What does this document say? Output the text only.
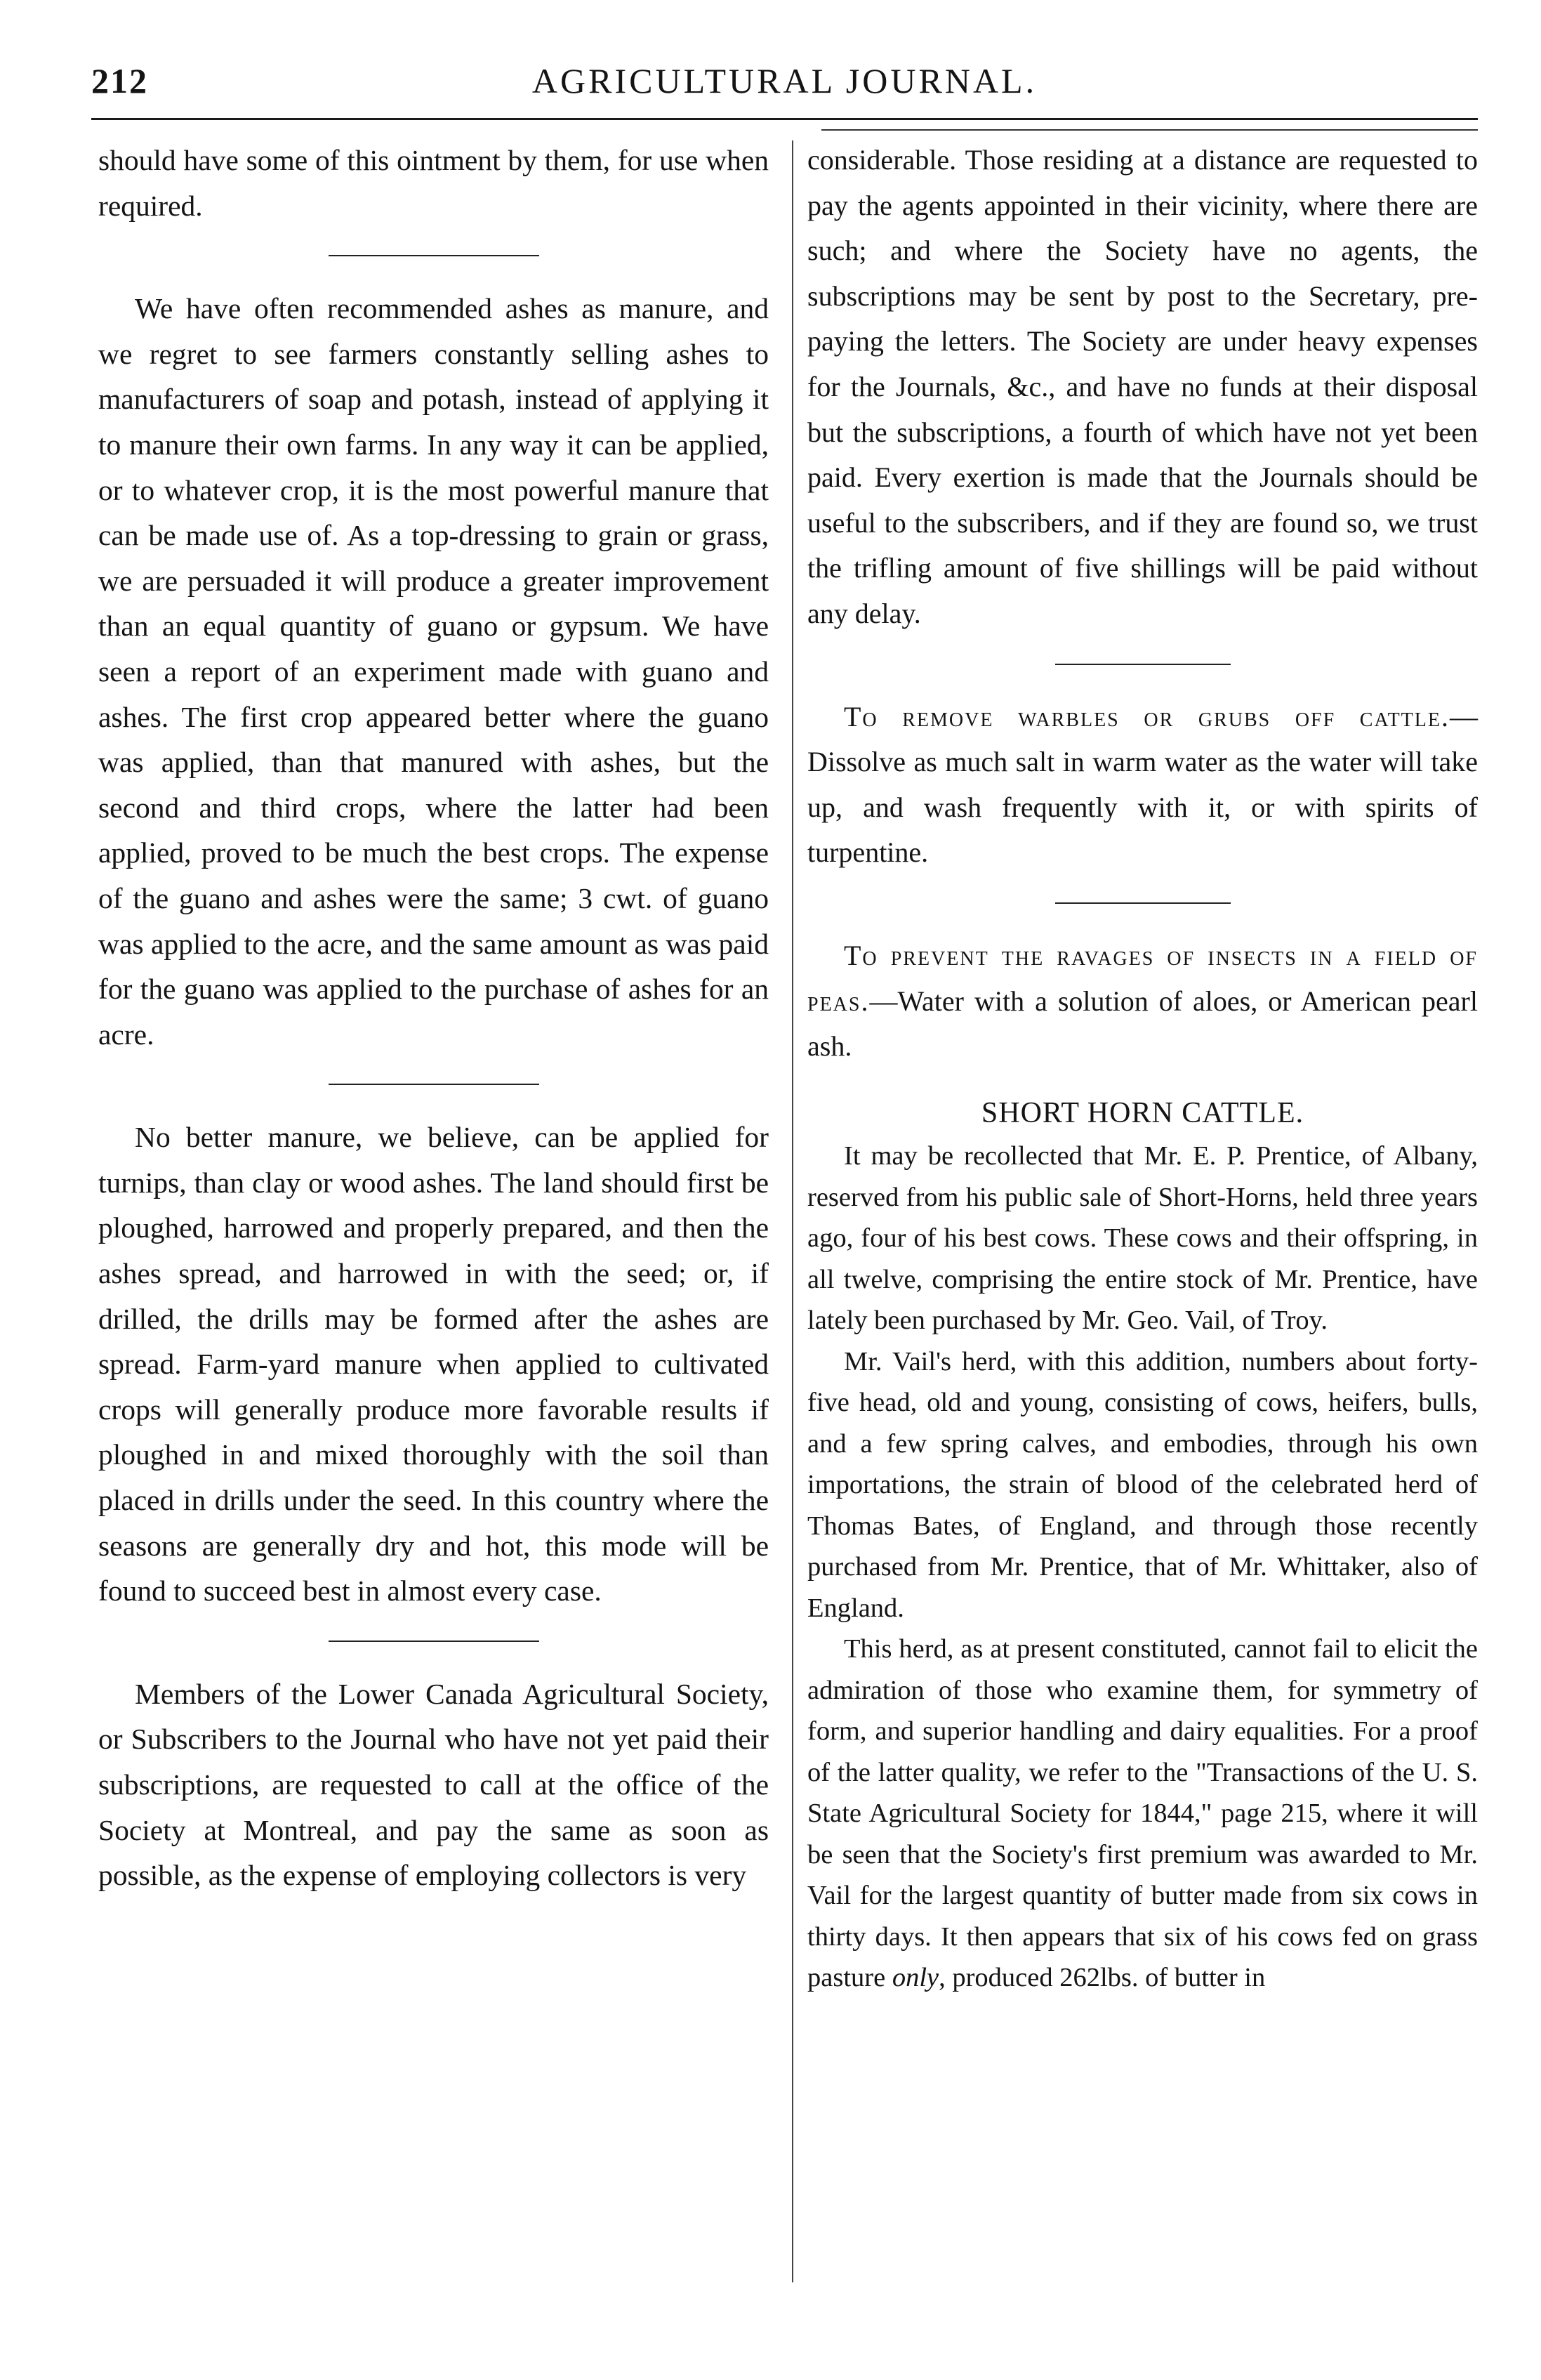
212	AGRICULTURAL JOURNAL.

should have some of this ointment by them, for use when required.

We have often recommended ashes as manure, and we regret to see farmers constantly selling ashes to manufacturers of soap and potash, instead of applying it to manure their own farms. In any way it can be applied, or to whatever crop, it is the most powerful manure that can be made use of. As a top-dressing to grain or grass, we are persuaded it will produce a greater improvement than an equal quantity of guano or gypsum. We have seen a report of an experiment made with guano and ashes. The first crop appeared better where the guano was applied, than that manured with ashes, but the second and third crops, where the latter had been applied, proved to be much the best crops. The expense of the guano and ashes were the same; 3 cwt. of guano was applied to the acre, and the same amount as was paid for the guano was applied to the purchase of ashes for an acre.

No better manure, we believe, can be applied for turnips, than clay or wood ashes. The land should first be ploughed, harrowed and properly prepared, and then the ashes spread, and harrowed in with the seed; or, if drilled, the drills may be formed after the ashes are spread. Farm-yard manure when applied to cultivated crops will generally produce more favorable results if ploughed in and mixed thoroughly with the soil than placed in drills under the seed. In this country where the seasons are generally dry and hot, this mode will be found to succeed best in almost every case.

Members of the Lower Canada Agricultural Society, or Subscribers to the Journal who have not yet paid their subscriptions, are requested to call at the office of the Society at Montreal, and pay the same as soon as possible, as the expense of employing collectors is very

considerable. Those residing at a distance are requested to pay the agents appointed in their vicinity, where there are such; and where the Society have no agents, the subscriptions may be sent by post to the Secretary, pre-paying the letters. The Society are under heavy expenses for the Journals, &c., and have no funds at their disposal but the subscriptions, a fourth of which have not yet been paid. Every exertion is made that the Journals should be useful to the subscribers, and if they are found so, we trust the trifling amount of five shillings will be paid without any delay.

To remove warbles or grubs off cattle.—Dissolve as much salt in warm water as the water will take up, and wash frequently with it, or with spirits of turpentine.

To prevent the ravages of insects in a field of peas.—Water with a solution of aloes, or American pearl ash.

SHORT HORN CATTLE.

It may be recollected that Mr. E. P. Prentice, of Albany, reserved from his public sale of Short-Horns, held three years ago, four of his best cows. These cows and their offspring, in all twelve, comprising the entire stock of Mr. Prentice, have lately been purchased by Mr. Geo. Vail, of Troy.

Mr. Vail's herd, with this addition, numbers about forty-five head, old and young, consisting of cows, heifers, bulls, and a few spring calves, and embodies, through his own importations, the strain of blood of the celebrated herd of Thomas Bates, of England, and through those recently purchased from Mr. Prentice, that of Mr. Whittaker, also of England.

This herd, as at present constituted, cannot fail to elicit the admiration of those who examine them, for symmetry of form, and superior handling and dairy equalities. For a proof of the latter quality, we refer to the "Transactions of the U. S. State Agricultural Society for 1844," page 215, where it will be seen that the Society's first premium was awarded to Mr. Vail for the largest quantity of butter made from six cows in thirty days. It then appears that six of his cows fed on grass pasture only, produced 262lbs. of butter in
